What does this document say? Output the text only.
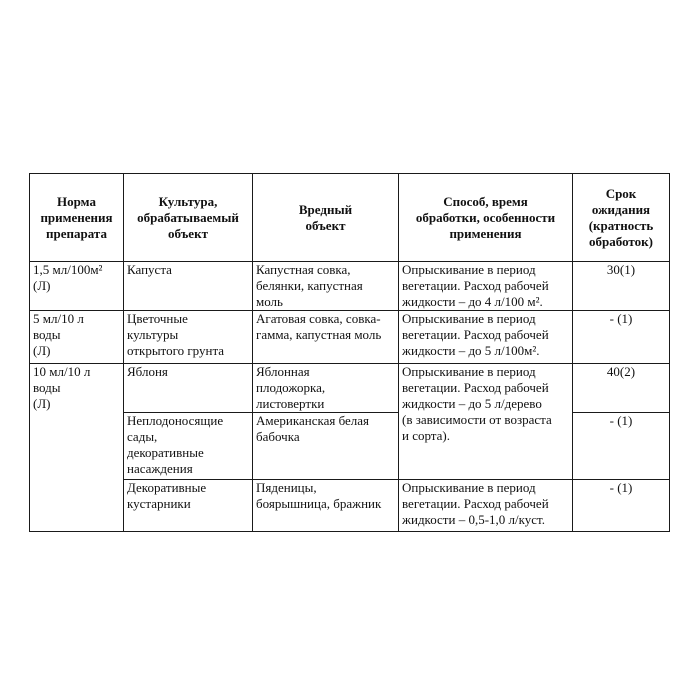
Норма
применения
препарата	Культура,
обрабатываемый
объект	Вредный
объект	Способ, время
обработки, особенности
применения	Срок
ожидания
(кратность
обработок)

1,5 мл/100м²
(Л)	Капуста	Капустная совка,
белянки, капустная
моль	Опрыскивание в период
вегетации. Расход рабочей
жидкости – до 4 л/100 м².	30(1)

5 мл/10 л
воды
(Л)	Цветочные
культуры
открытого грунта	Агатовая совка, совка-
гамма, капустная моль	Опрыскивание в период
вегетации. Расход рабочей
жидкости – до 5 л/100м².	- (1)

10 мл/10 л
воды
(Л)	Яблоня	Яблонная
плодожорка,
листовертки	Опрыскивание в период
вегетации. Расход рабочей
жидкости – до 5 л/дерево
(в зависимости от возраста
и сорта).	40(2)

	Неплодоносящие
сады,
декоративные
насаждения	Американская белая
бабочка		- (1)

	Декоративные
кустарники	Пяденицы,
боярышница, бражник	Опрыскивание в период
вегетации. Расход рабочей
жидкости – 0,5-1,0 л/куст.	- (1)
